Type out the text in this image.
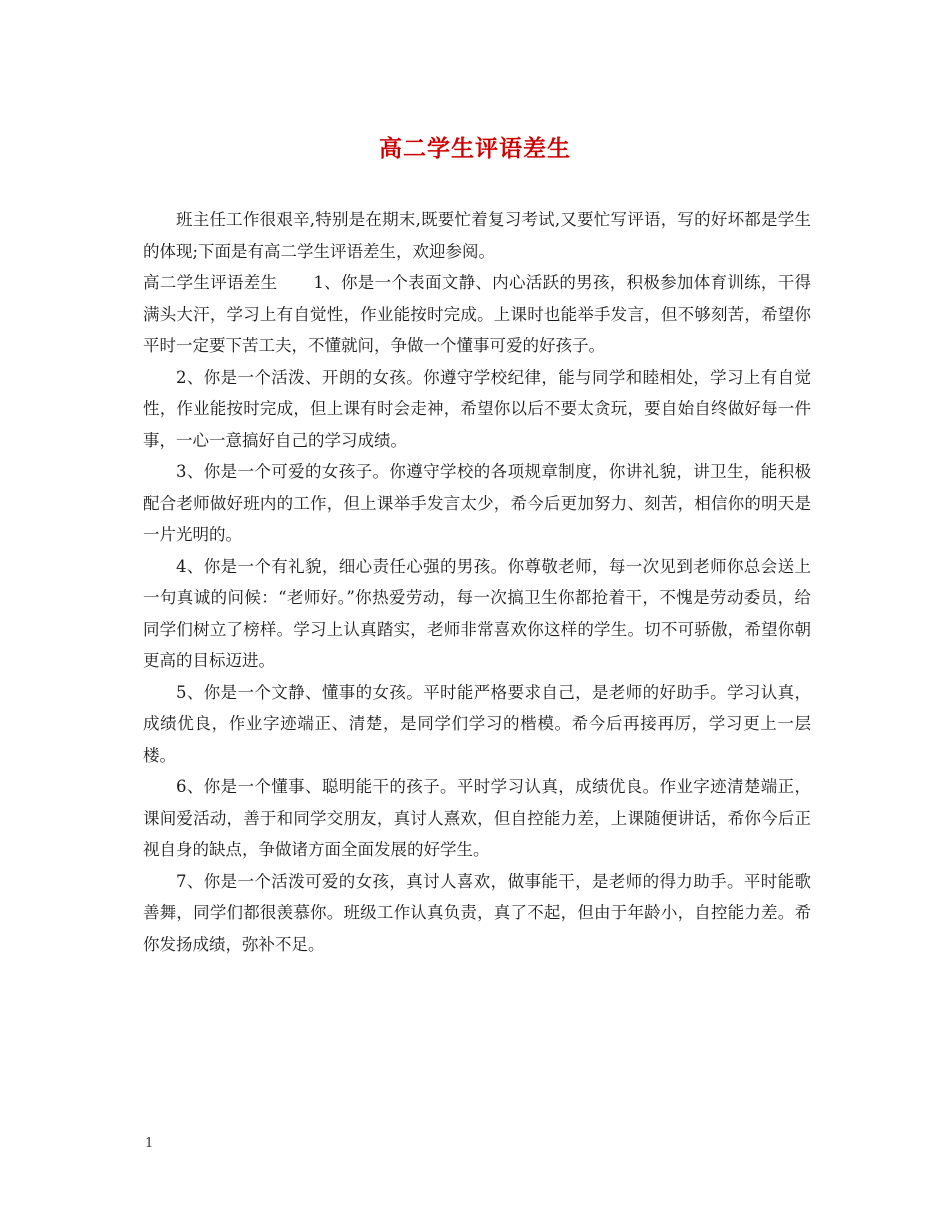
高二学生评语差生

班主任工作很艰辛,特别是在期末,既要忙着复习考试,又要忙写评语，写的好坏都是学生的体现;下面是有高二学生评语差生，欢迎参阅。

高二学生评语差生 1、你是一个表面文静、内心活跃的男孩，积极参加体育训练，干得满头大汗，学习上有自觉性，作业能按时完成。上课时也能举手发言，但不够刻苦，希望你平时一定要下苦工夫，不懂就问，争做一个懂事可爱的好孩子。

2、你是一个活泼、开朗的女孩。你遵守学校纪律，能与同学和睦相处，学习上有自觉性，作业能按时完成，但上课有时会走神，希望你以后不要太贪玩，要自始自终做好每一件事，一心一意搞好自己的学习成绩。

3、你是一个可爱的女孩子。你遵守学校的各项规章制度，你讲礼貌，讲卫生，能积极配合老师做好班内的工作，但上课举手发言太少，希今后更加努力、刻苦，相信你的明天是一片光明的。

4、你是一个有礼貌，细心责任心强的男孩。你尊敬老师，每一次见到老师你总会送上一句真诚的问候：“老师好。”你热爱劳动，每一次搞卫生你都抢着干，不愧是劳动委员，给同学们树立了榜样。学习上认真踏实，老师非常喜欢你这样的学生。切不可骄傲，希望你朝更高的目标迈进。

5、你是一个文静、懂事的女孩。平时能严格要求自己，是老师的好助手。学习认真，成绩优良，作业字迹端正、清楚，是同学们学习的楷模。希今后再接再厉，学习更上一层楼。

6、你是一个懂事、聪明能干的孩子。平时学习认真，成绩优良。作业字迹清楚端正，课间爱活动，善于和同学交朋友，真讨人熹欢，但自控能力差，上课随便讲话，希你今后正视自身的缺点，争做诸方面全面发展的好学生。

7、你是一个活泼可爱的女孩，真讨人喜欢，做事能干，是老师的得力助手。平时能歌善舞，同学们都很羡慕你。班级工作认真负责，真了不起，但由于年龄小，自控能力差。希你发扬成绩，弥补不足。

1
